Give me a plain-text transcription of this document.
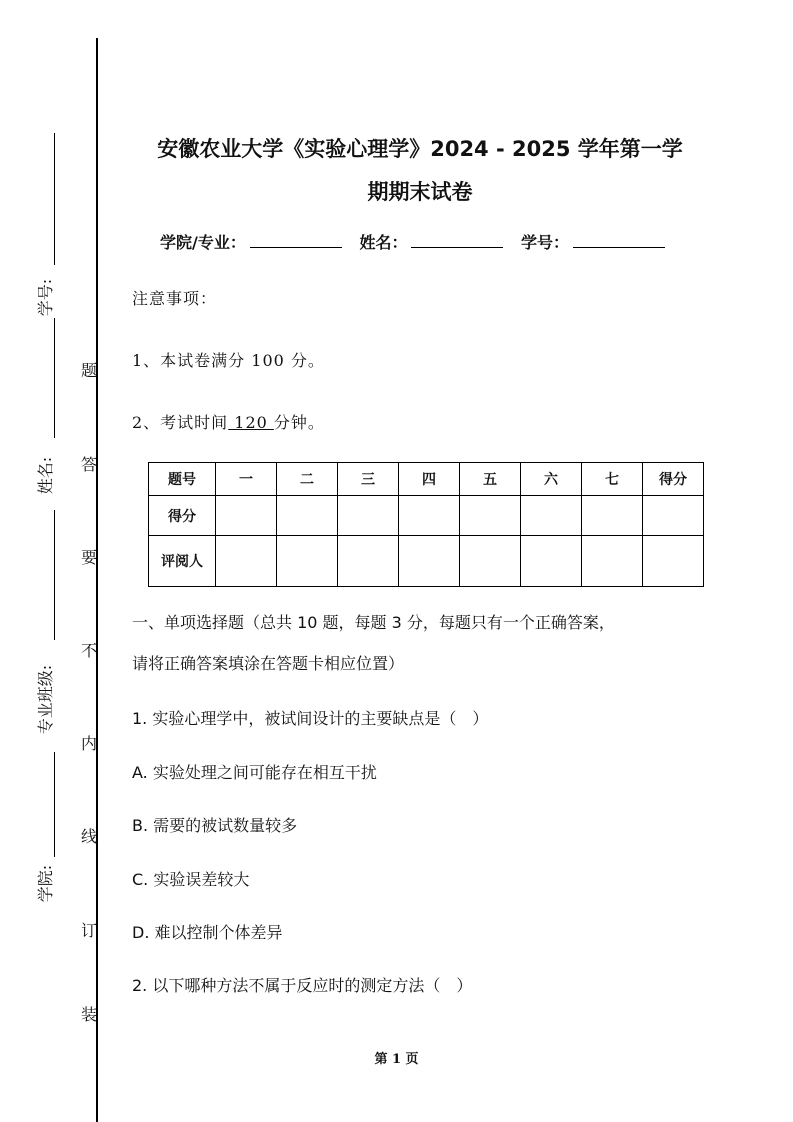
学号:
姓名:
专业班级:
学院:
题
答
要
不
内
线
订
装
安徽农业大学《实验心理学》2024 - 2025 学年第一学
期期末试卷
学院/专业：	姓名：	学号：
注意事项：
1、本试卷满分 100 分。
2、考试时间 120 分钟。
题号	一	二	三	四	五	六	七	得分
得分								
评阅人								
一、单项选择题（总共 10 题，每题 3 分，每题只有一个正确答案，
请将正确答案填涂在答题卡相应位置）
1. 实验心理学中，被试间设计的主要缺点是（　）
A. 实验处理之间可能存在相互干扰
B. 需要的被试数量较多
C. 实验误差较大
D. 难以控制个体差异
2. 以下哪种方法不属于反应时的测定方法（　）
第 1 页
